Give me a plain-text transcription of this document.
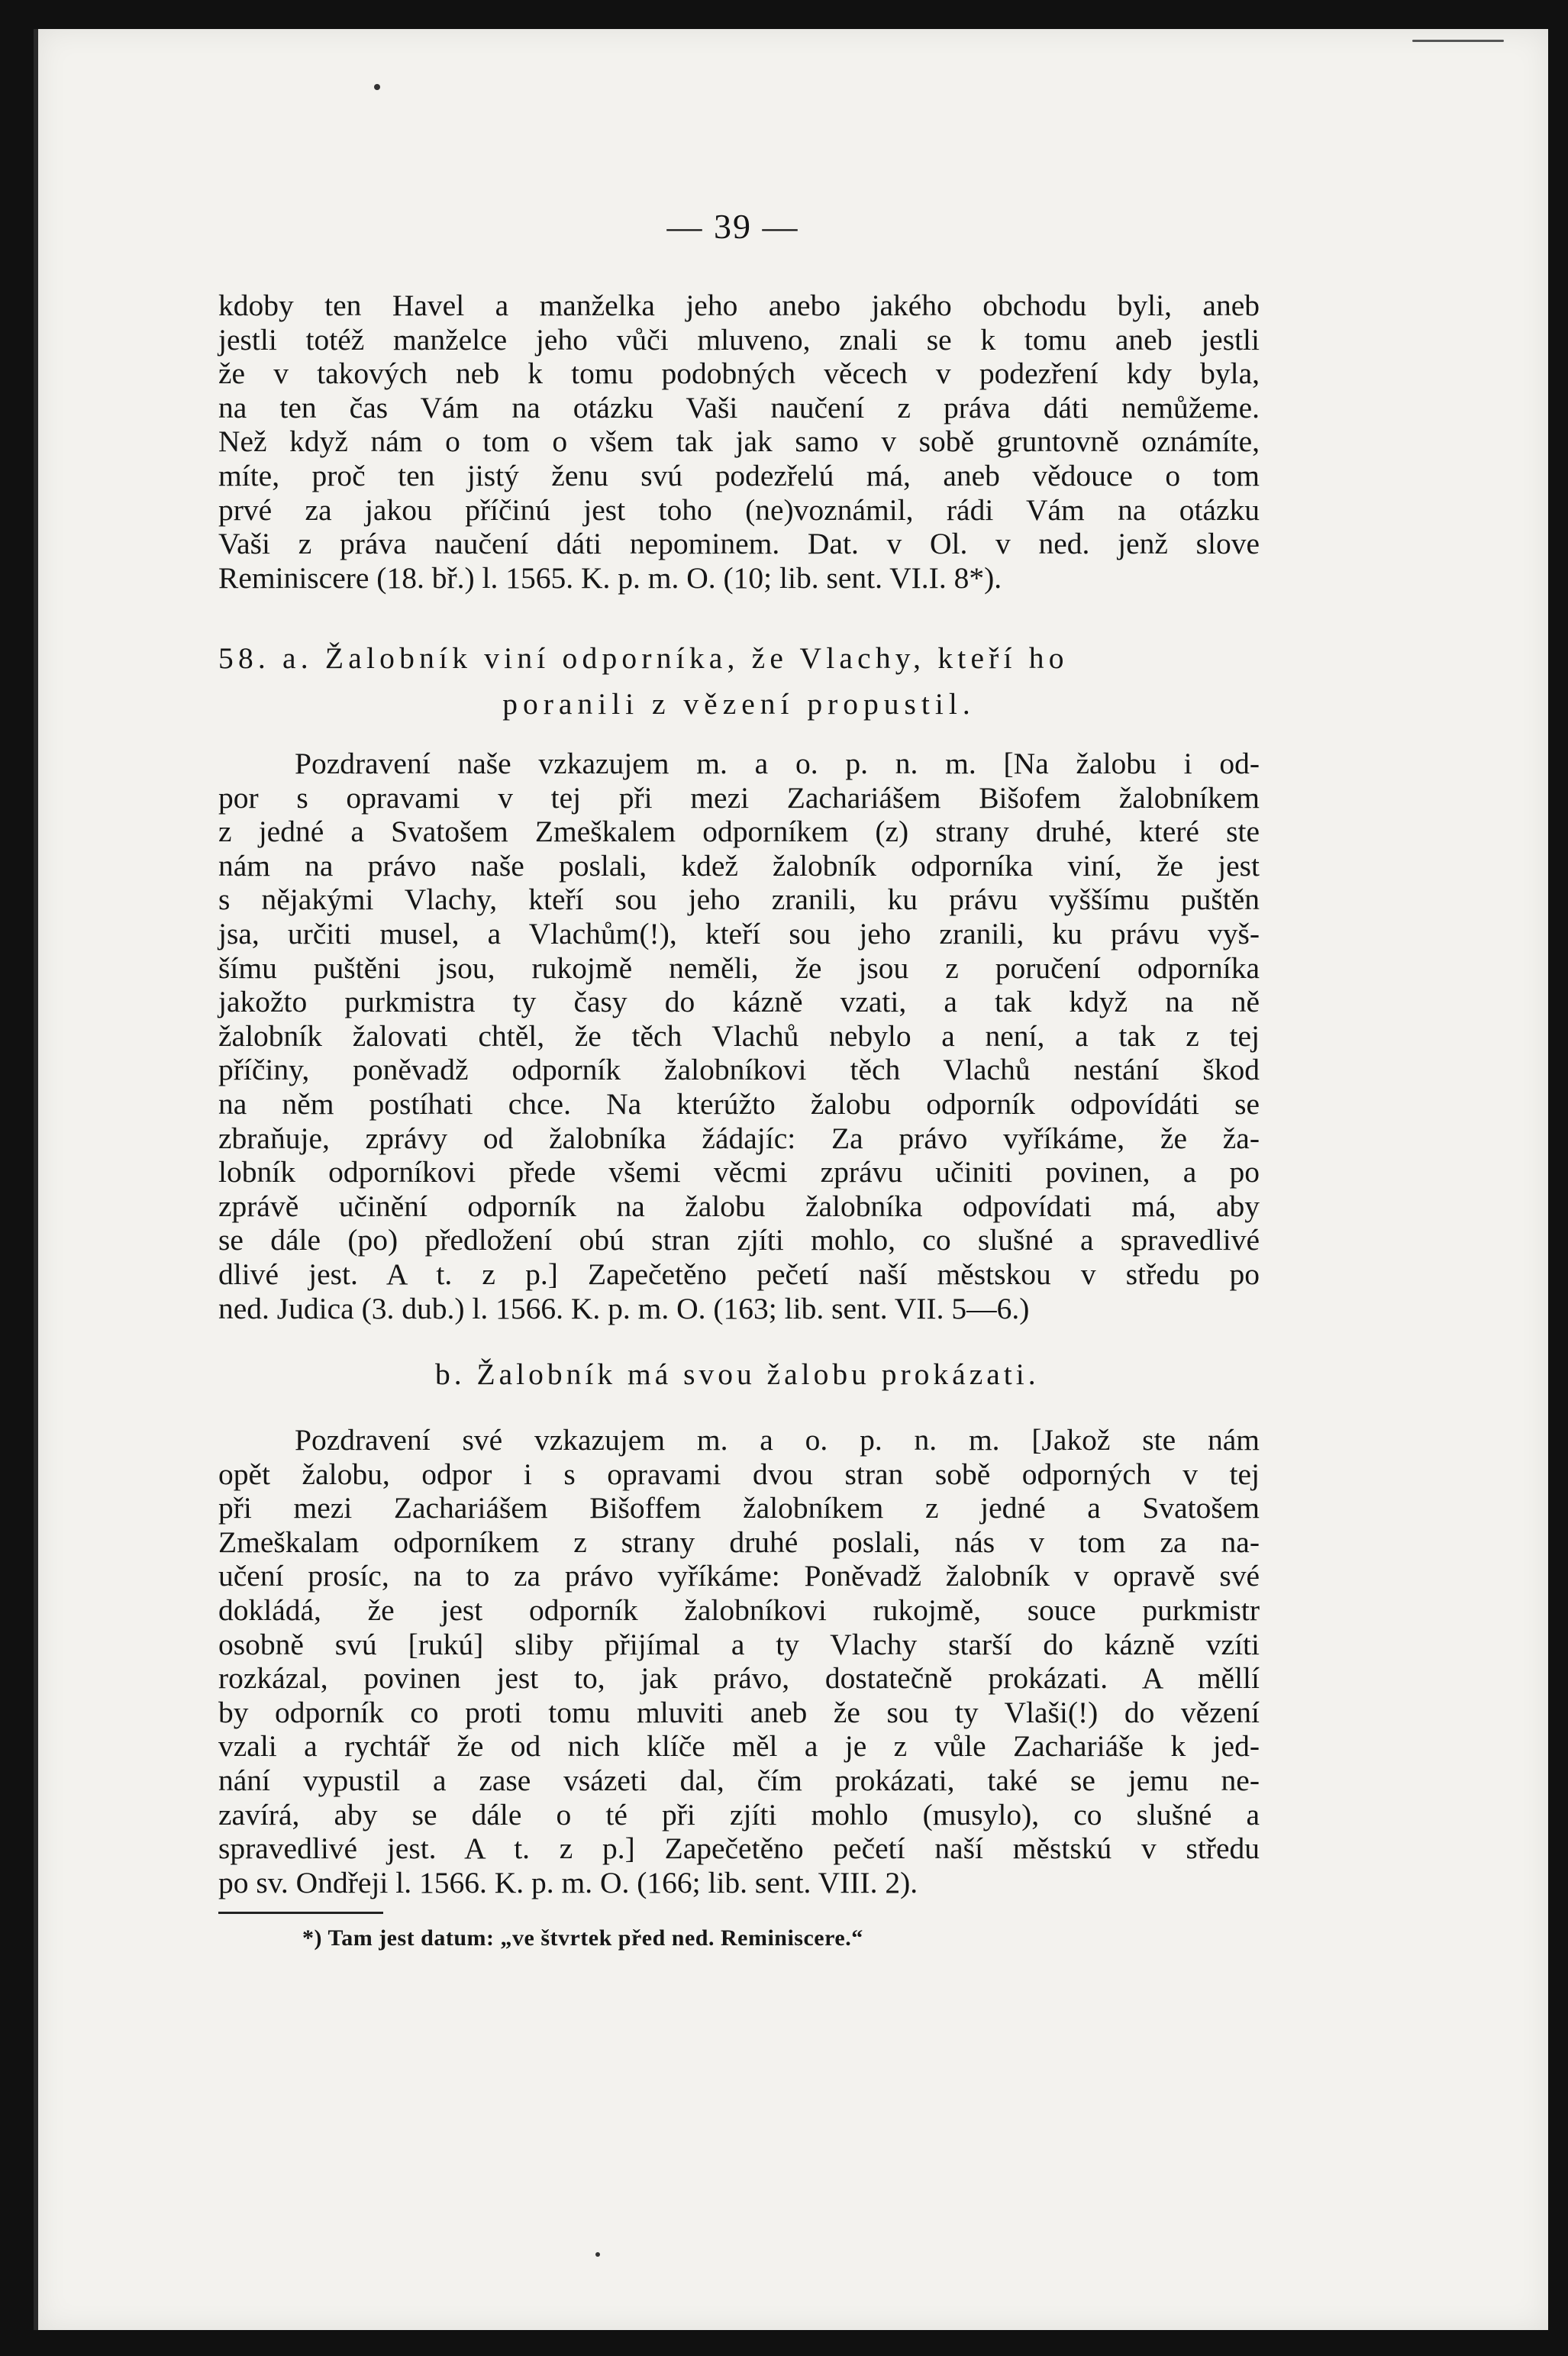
— 39 —
kdoby ten Havel a manželka jeho anebo jakého obchodu byli, aneb
jestli totéž manželce jeho vůči mluveno, znali se k tomu aneb jestli
že v takových neb k tomu podobných věcech v podezření kdy byla,
na ten čas Vám na otázku Vaši naučení z práva dáti nemůžeme.
Než když nám o tom o všem tak jak samo v sobě gruntovně oznámíte,
míte, proč ten jistý ženu svú podezřelú má, aneb vědouce o tom
prvé za jakou příčinú jest toho (ne)voznámil, rádi Vám na otázku
Vaši z práva naučení dáti nepominem. Dat. v Ol. v ned. jenž slove
Reminiscere (18. bř.) l. 1565. K. p. m. O. (10; lib. sent. VI.I. 8*).
58. a. Žalobník viní odporníka, že Vlachy, kteří ho
poranili z vězení propustil.
Pozdravení naše vzkazujem m. a o. p. n. m. [Na žalobu i od-
por s opravami v tej při mezi Zachariášem Bišofem žalobníkem
z jedné a Svatošem Zmeškalem odporníkem (z) strany druhé, které ste
nám na právo naše poslali, kdež žalobník odporníka viní, že jest
s nějakými Vlachy, kteří sou jeho zranili, ku právu vyššímu puštěn
jsa, určiti musel, a Vlachům(!), kteří sou jeho zranili, ku právu vyš-
šímu puštěni jsou, rukojmě neměli, že jsou z poručení odporníka
jakožto purkmistra ty časy do kázně vzati, a tak když na ně
žalobník žalovati chtěl, že těch Vlachů nebylo a není, a tak z tej
příčiny, poněvadž odporník žalobníkovi těch Vlachů nestání škod
na něm postíhati chce. Na kterúžto žalobu odporník odpovídáti se
zbraňuje, zprávy od žalobníka žádajíc: Za právo vyříkáme, že ža-
lobník odporníkovi přede všemi věcmi zprávu učiniti povinen, a po
zprávě učinění odporník na žalobu žalobníka odpovídati má, aby
se dále (po) předložení obú stran zjíti mohlo, co slušné a spravedlivé
dlivé jest. A t. z p.] Zapečetěno pečetí naší městskou v středu po
ned. Judica (3. dub.) l. 1566. K. p. m. O. (163; lib. sent. VII. 5—6.)
b. Žalobník má svou žalobu prokázati.
Pozdravení své vzkazujem m. a o. p. n. m. [Jakož ste nám
opět žalobu, odpor i s opravami dvou stran sobě odporných v tej
při mezi Zachariášem Bišoffem žalobníkem z jedné a Svatošem
Zmeškalam odporníkem z strany druhé poslali, nás v tom za na-
učení prosíc, na to za právo vyříkáme: Poněvadž žalobník v opravě své
dokládá, že jest odporník žalobníkovi rukojmě, souce purkmistr
osobně svú [rukú] sliby přijímal a ty Vlachy starší do kázně vzíti
rozkázal, povinen jest to, jak právo, dostatečně prokázati. A měllí
by odporník co proti tomu mluviti aneb že sou ty Vlaši(!) do vězení
vzali a rychtář že od nich klíče měl a je z vůle Zachariáše k jed-
nání vypustil a zase vsázeti dal, čím prokázati, také se jemu ne-
zavírá, aby se dále o té při zjíti mohlo (musylo), co slušné a
spravedlivé jest. A t. z p.] Zapečetěno pečetí naší městskú v středu
po sv. Ondřeji l. 1566. K. p. m. O. (166; lib. sent. VIII. 2).
*) Tam jest datum: „ve štvrtek před ned. Reminiscere.“
